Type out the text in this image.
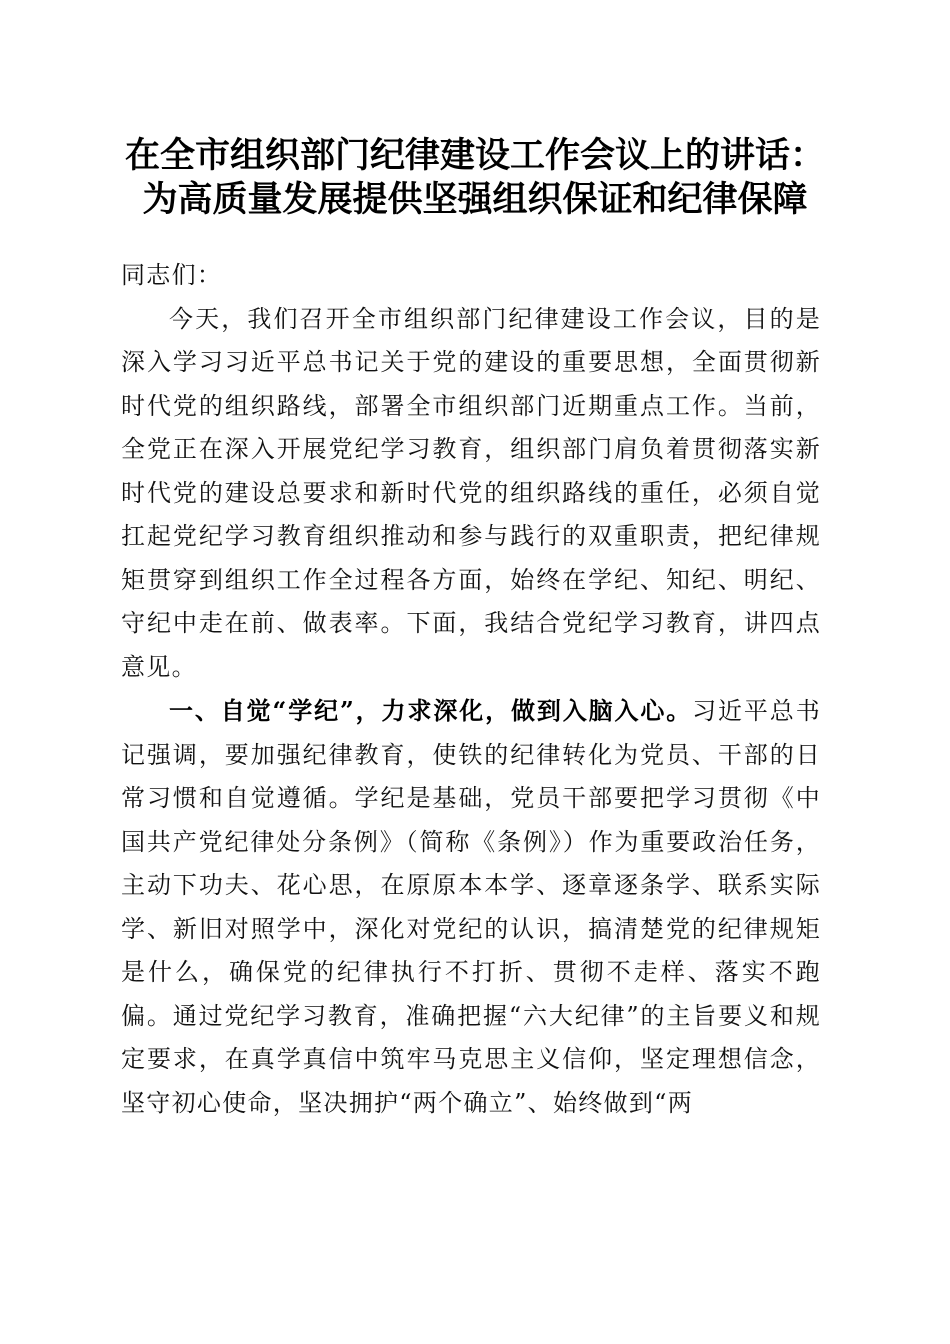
在全市组织部门纪律建设工作会议上的讲话：
为高质量发展提供坚强组织保证和纪律保障

同志们：

今天，我们召开全市组织部门纪律建设工作会议，目的是深入学习习近平总书记关于党的建设的重要思想，全面贯彻新时代党的组织路线，部署全市组织部门近期重点工作。当前，全党正在深入开展党纪学习教育，组织部门肩负着贯彻落实新时代党的建设总要求和新时代党的组织路线的重任，必须自觉扛起党纪学习教育组织推动和参与践行的双重职责，把纪律规矩贯穿到组织工作全过程各方面，始终在学纪、知纪、明纪、守纪中走在前、做表率。下面，我结合党纪学习教育，讲四点意见。

一、自觉“学纪”，力求深化，做到入脑入心。习近平总书记强调，要加强纪律教育，使铁的纪律转化为党员、干部的日常习惯和自觉遵循。学纪是基础，党员干部要把学习贯彻《中国共产党纪律处分条例》（简称《条例》）作为重要政治任务，主动下功夫、花心思，在原原本本学、逐章逐条学、联系实际学、新旧对照学中，深化对党纪的认识，搞清楚党的纪律规矩是什么，确保党的纪律执行不打折、贯彻不走样、落实不跑偏。通过党纪学习教育，准确把握“六大纪律”的主旨要义和规定要求，在真学真信中筑牢马克思主义信仰，坚定理想信念，坚守初心使命，坚决拥护“两个确立”、始终做到“两
